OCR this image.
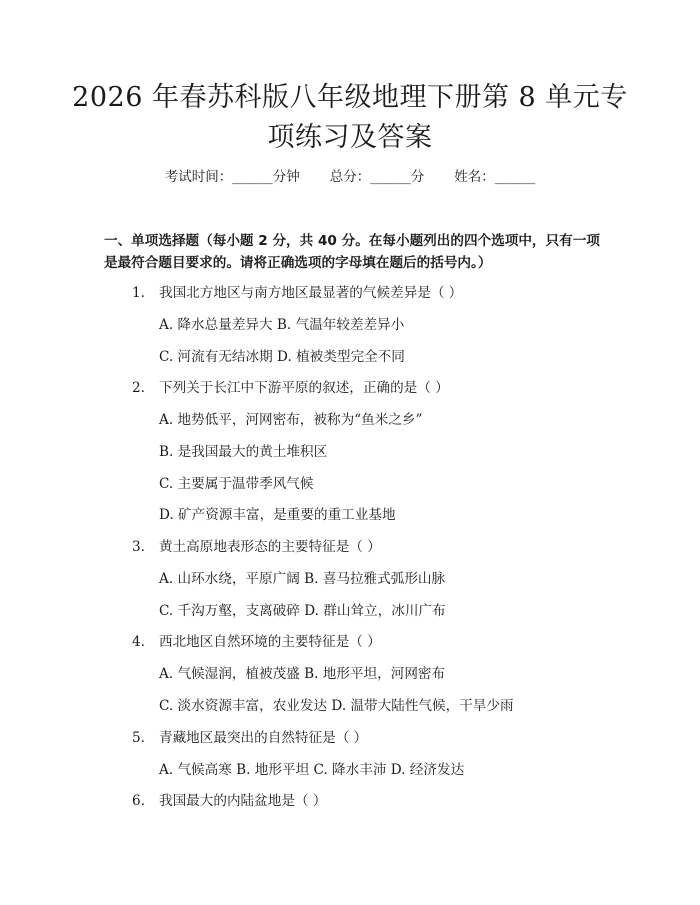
2026 年春苏科版八年级地理下册第 8 单元专
项练习及答案
考试时间：______分钟 总分：______分 姓名：______

一、单项选择题（每小题 2 分，共 40 分。在每小题列出的四个选项中，只有一项是最符合题目要求的。请将正确选项的字母填在题后的括号内。）

1. 我国北方地区与南方地区最显著的气候差异是（ ）
A. 降水总量差异大 B. 气温年较差差异小
C. 河流有无结冰期 D. 植被类型完全不同
2. 下列关于长江中下游平原的叙述，正确的是（ ）
A. 地势低平，河网密布，被称为“鱼米之乡”
B. 是我国最大的黄土堆积区
C. 主要属于温带季风气候
D. 矿产资源丰富，是重要的重工业基地
3. 黄土高原地表形态的主要特征是（ ）
A. 山环水绕，平原广阔 B. 喜马拉雅式弧形山脉
C. 千沟万壑，支离破碎 D. 群山耸立，冰川广布
4. 西北地区自然环境的主要特征是（ ）
A. 气候湿润，植被茂盛 B. 地形平坦，河网密布
C. 淡水资源丰富，农业发达 D. 温带大陆性气候，干旱少雨
5. 青藏地区最突出的自然特征是（ ）
A. 气候高寒 B. 地形平坦 C. 降水丰沛 D. 经济发达
6. 我国最大的内陆盆地是（ ）
